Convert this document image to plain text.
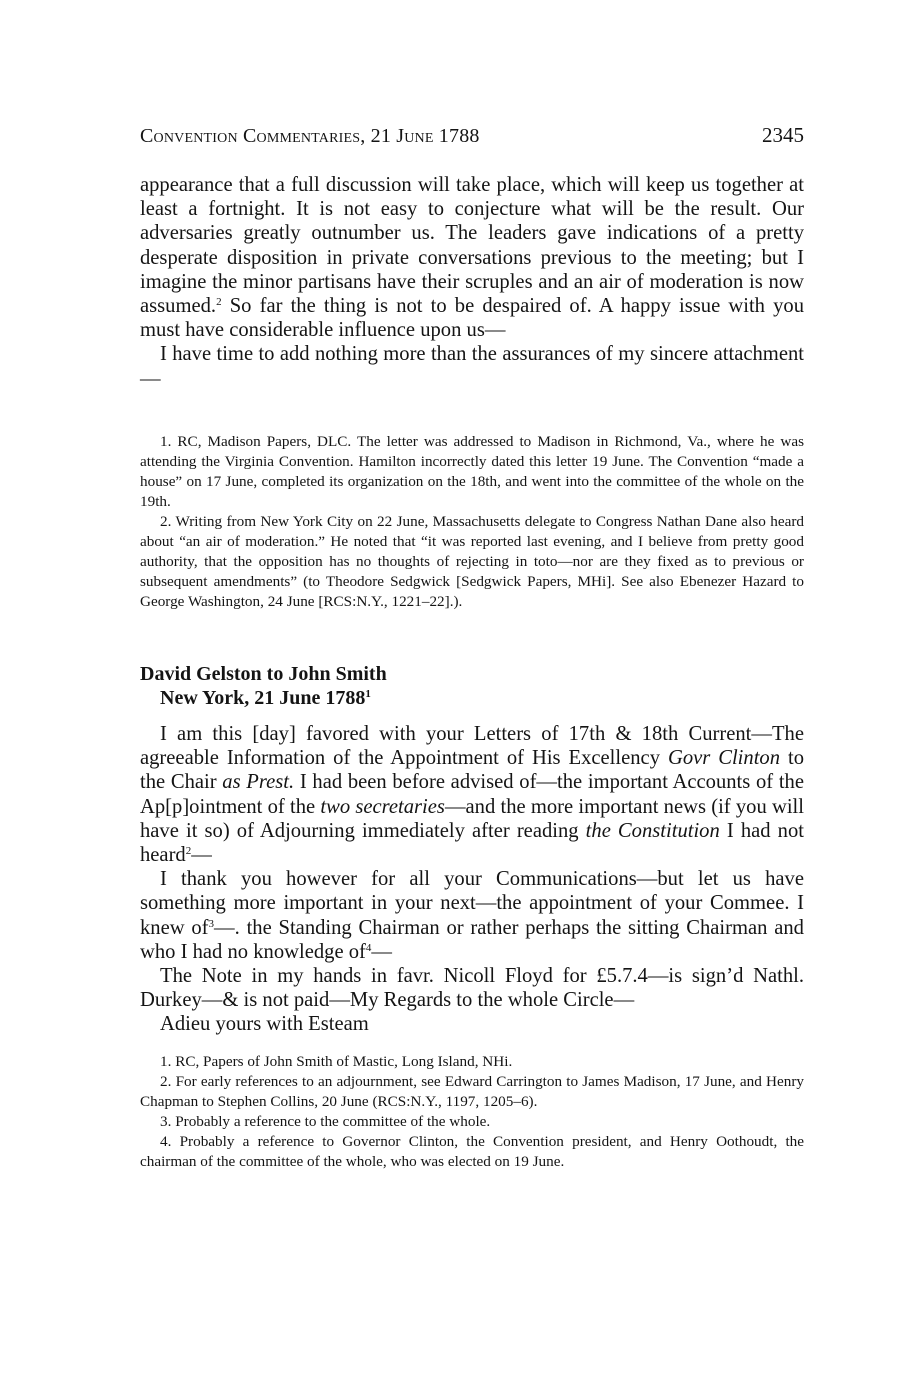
Convention Commentaries, 21 June 1788	2345

appearance that a full discussion will take place, which will keep us together at least a fortnight. It is not easy to conjecture what will be the result. Our adversaries greatly outnumber us. The leaders gave indications of a pretty desperate disposition in private conversations previous to the meeting; but I imagine the minor partisans have their scruples and an air of moderation is now assumed.$^2$ So far the thing is not to be despaired of. A happy issue with you must have considerable influence upon us—

I have time to add nothing more than the assurances of my sincere attachment—

1. RC, Madison Papers, DLC. The letter was addressed to Madison in Richmond, Va., where he was attending the Virginia Convention. Hamilton incorrectly dated this letter 19 June. The Convention “made a house” on 17 June, completed its organization on the 18th, and went into the committee of the whole on the 19th.

2. Writing from New York City on 22 June, Massachusetts delegate to Congress Nathan Dane also heard about “an air of moderation.” He noted that “it was reported last evening, and I believe from pretty good authority, that the opposition has no thoughts of rejecting in toto—nor are they fixed as to previous or subsequent amendments” (to Theodore Sedgwick [Sedgwick Papers, MHi]. See also Ebenezer Hazard to George Washington, 24 June [RCS:N.Y., 1221–22].).

David Gelston to John Smith
New York, 21 June 1788$^1$

I am this [day] favored with your Letters of 17th & 18th Current—The agreeable Information of the Appointment of His Excellency Govr Clinton to the Chair as Prest. I had been before advised of—the important Accounts of the Ap[p]ointment of the two secretaries—and the more important news (if you will have it so) of Adjourning immediately after reading the Constitution I had not heard$^2$—

I thank you however for all your Communications—but let us have something more important in your next—the appointment of your Commee. I knew $of^3—$. the Standing Chairman or rather perhaps the sitting Chairman and who I had no knowledge $of^4—$

The Note in my hands in favr. Nicoll Floyd for £5.7.4—is sign’d Nathl. Durkey—& is not paid—My Regards to the whole Circle—

Adieu yours with Esteam

1. RC, Papers of John Smith of Mastic, Long Island, NHi.

2. For early references to an adjournment, see Edward Carrington to James Madison, 17 June, and Henry Chapman to Stephen Collins, 20 June (RCS:N.Y., 1197, 1205–6).

3. Probably a reference to the committee of the whole.

4. Probably a reference to Governor Clinton, the Convention president, and Henry Oothoudt, the chairman of the committee of the whole, who was elected on 19 June.
